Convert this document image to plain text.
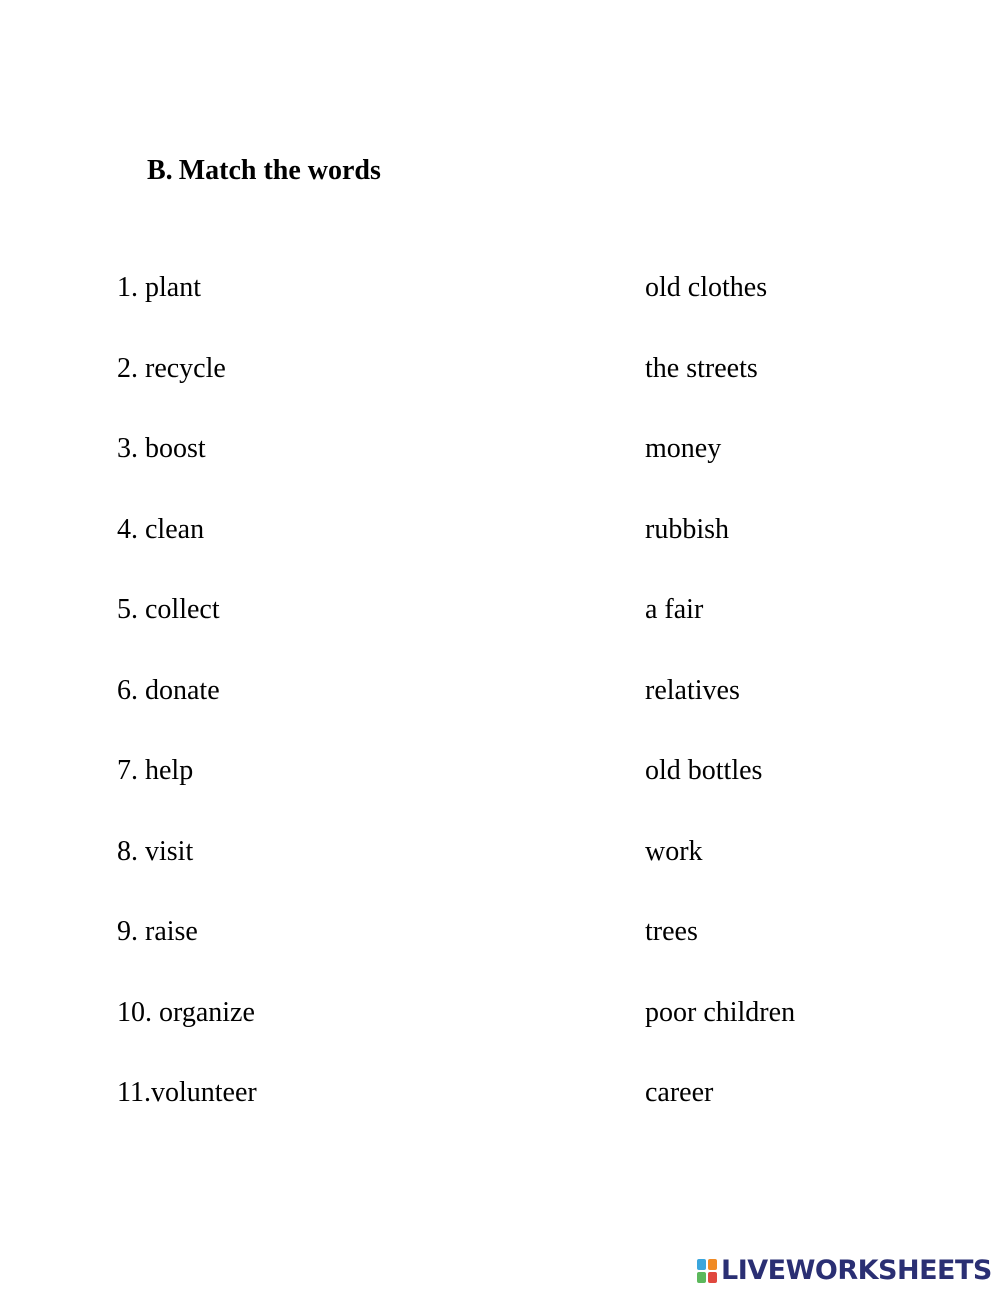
B. Match the words
1. plant	old clothes
2. recycle	the streets
3. boost	money
4. clean	rubbish
5. collect	a fair
6. donate	relatives
7. help	old bottles
8. visit	work
9. raise	trees
10. organize	poor children
11.volunteer	career
LIVEWORKSHEETS
